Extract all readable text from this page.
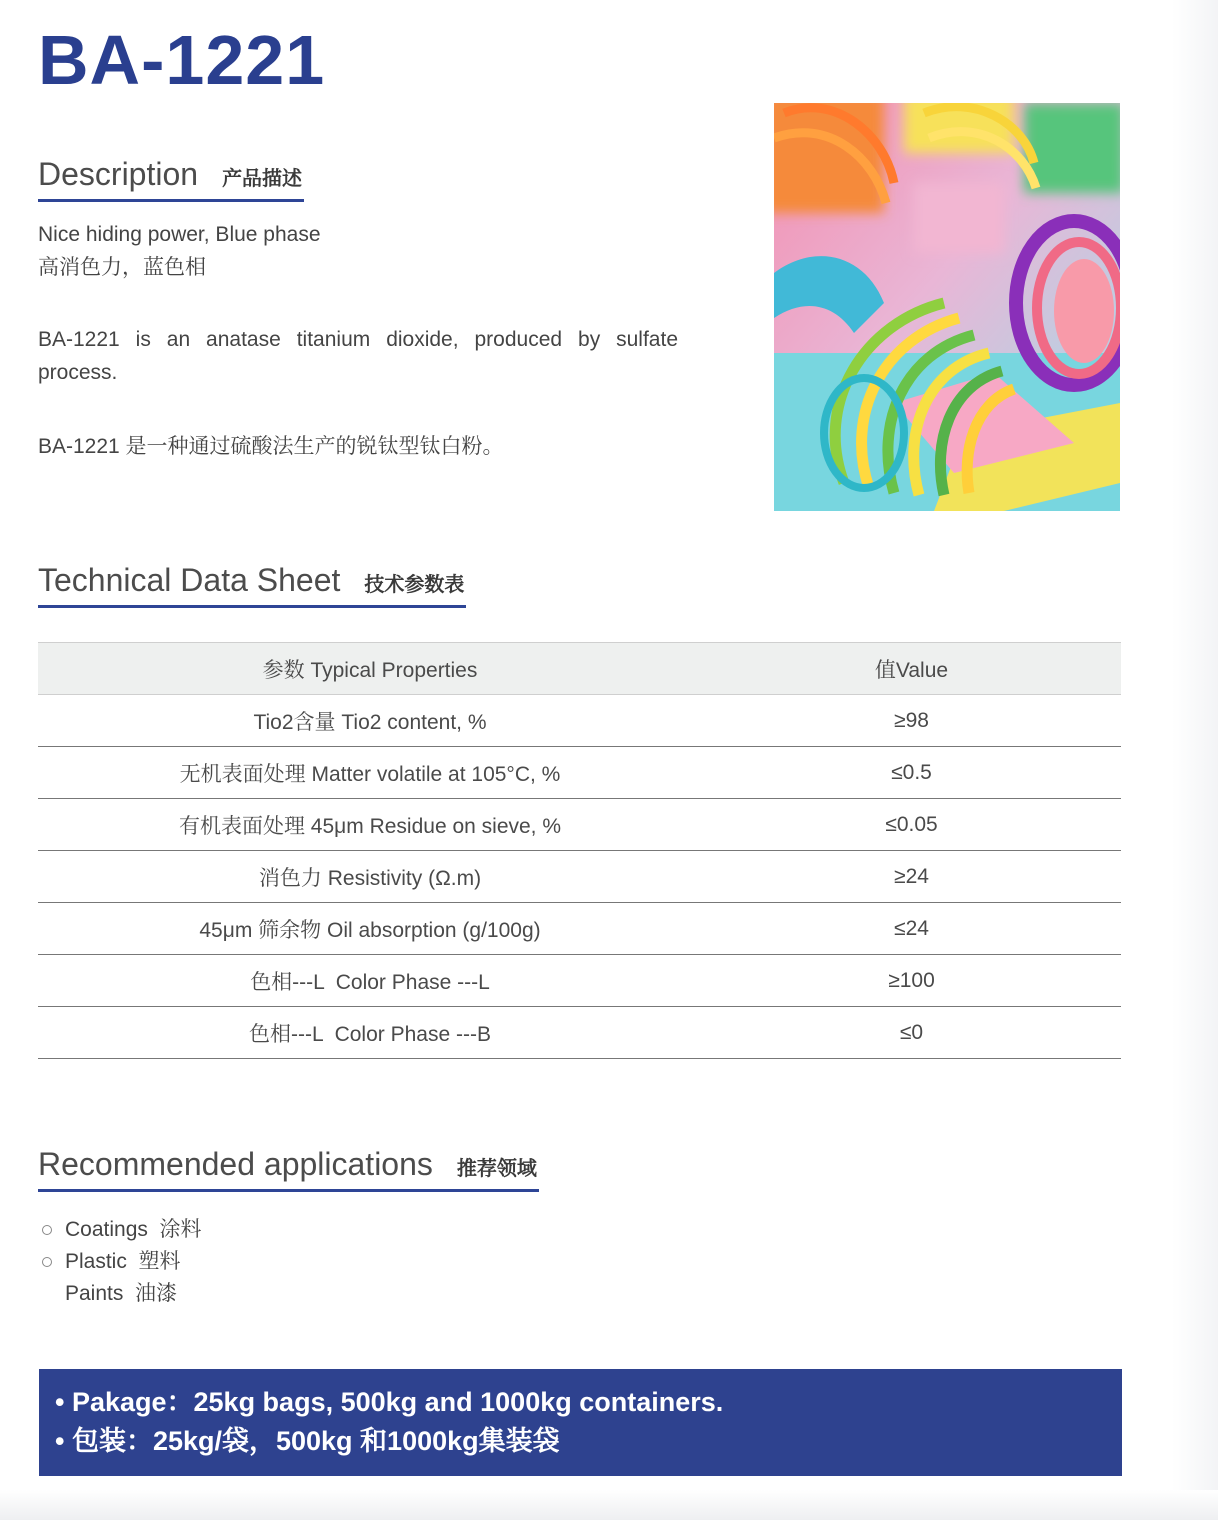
BA-1221
Description 产品描述

Nice hiding power, Blue phase
高消色力，蓝色相

BA-1221 is an anatase titanium dioxide, produced by sulfate process.

BA-1221 是一种通过硫酸法生产的锐钛型钛白粉。

Technical Data Sheet 技术参数表
参数 Typical Properties	值Value
Tio2含量 Tio2 content, %	≥98
无机表面处理 Matter volatile at 105°C, %	≤0.5
有机表面处理 45μm Residue on sieve, %	≤0.05
消色力 Resistivity (Ω.m)	≥24
45μm 筛余物 Oil absorption (g/100g)	≤24
色相---L  Color Phase ---L	≥100
色相---L  Color Phase ---B	≤0
Recommended applications 推荐领域
Coatings  涂料
Plastic  塑料
Paints  油漆
• Pakage：25kg bags, 500kg and 1000kg containers.
• 包装：25kg/袋，500kg 和1000kg集装袋
